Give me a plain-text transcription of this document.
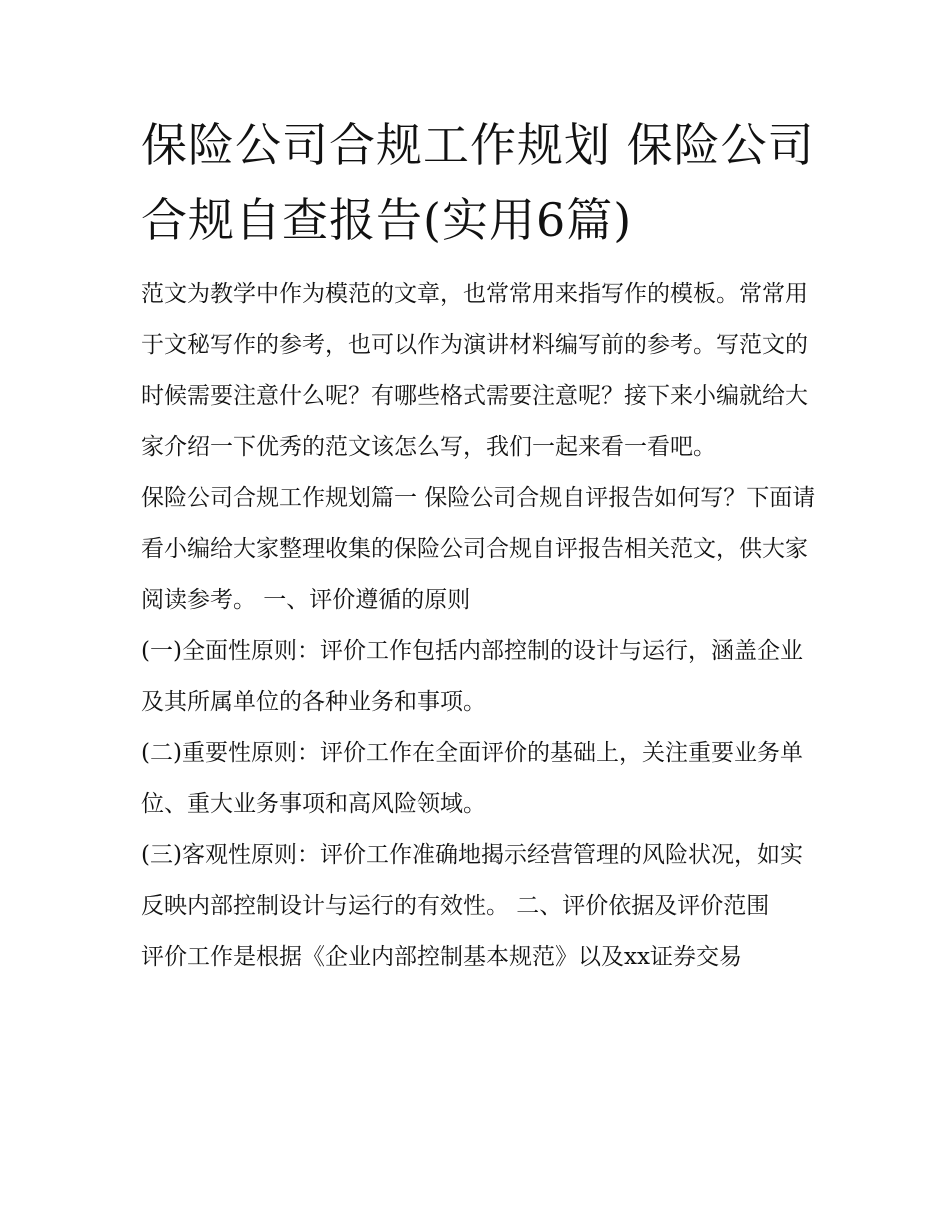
保险公司合规工作规划 保险公司合规自查报告(实用6篇)

范文为教学中作为模范的文章，也常常用来指写作的模板。常常用于文秘写作的参考，也可以作为演讲材料编写前的参考。写范文的时候需要注意什么呢？有哪些格式需要注意呢？接下来小编就给大家介绍一下优秀的范文该怎么写，我们一起来看一看吧。

保险公司合规工作规划篇一 保险公司合规自评报告如何写？下面请看小编给大家整理收集的保险公司合规自评报告相关范文，供大家阅读参考。 一、评价遵循的原则

(一)全面性原则：评价工作包括内部控制的设计与运行，涵盖企业及其所属单位的各种业务和事项。

(二)重要性原则：评价工作在全面评价的基础上，关注重要业务单位、重大业务事项和高风险领域。

(三)客观性原则：评价工作准确地揭示经营管理的风险状况，如实反映内部控制设计与运行的有效性。 二、评价依据及评价范围

评价工作是根据《企业内部控制基本规范》以及xx证券交易
